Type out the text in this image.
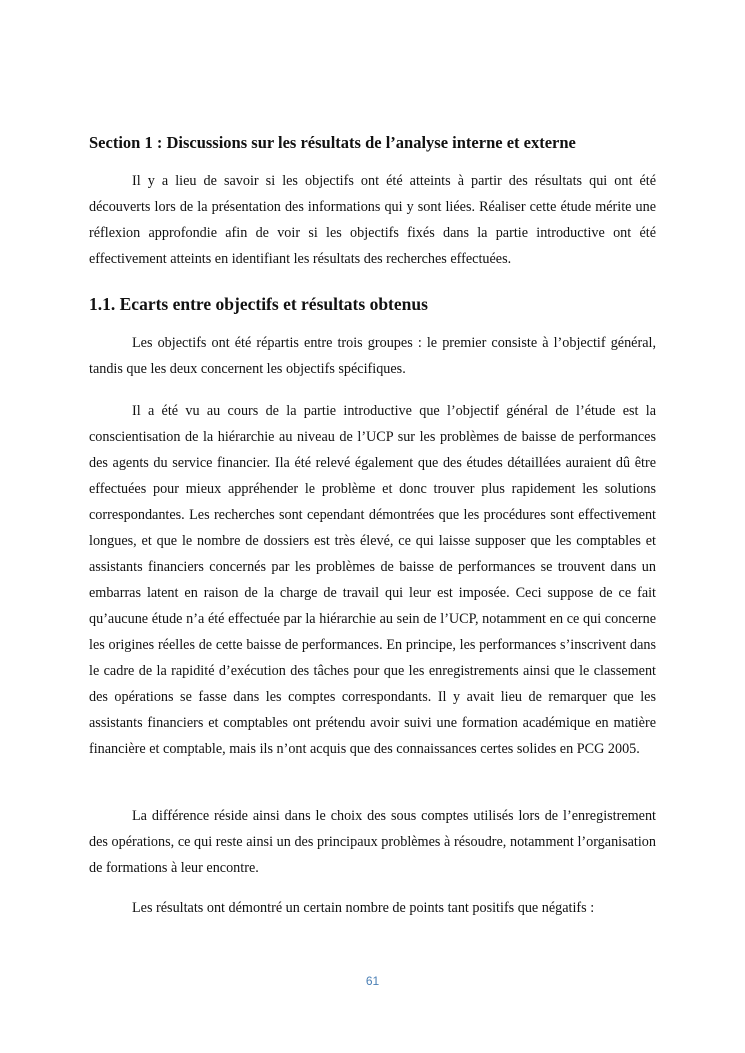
Section 1 : Discussions sur les résultats de l’analyse interne et externe

Il y a lieu de savoir si les objectifs ont été atteints à partir des résultats qui ont été découverts lors de la présentation des informations qui y sont liées. Réaliser cette étude mérite une réflexion approfondie afin de voir si les objectifs fixés dans la partie introductive ont été effectivement atteints en identifiant les résultats des recherches effectuées.

1.1. Ecarts entre objectifs et résultats obtenus

Les objectifs ont été répartis entre trois groupes : le premier consiste à l’objectif général, tandis que les deux concernent les objectifs spécifiques.

Il a été vu au cours de la partie introductive que l’objectif général de l’étude est la conscientisation de la hiérarchie au niveau de l’UCP sur les problèmes de baisse de performances des agents du service financier. Ila été relevé également que des études détaillées auraient dû être effectuées pour mieux appréhender le problème et donc trouver plus rapidement les solutions correspondantes. Les recherches sont cependant démontrées que les procédures sont effectivement longues, et que le nombre de dossiers est très élevé, ce qui laisse supposer que les comptables et assistants financiers concernés par les problèmes de baisse de performances se trouvent dans un embarras latent en raison de la charge de travail qui leur est imposée. Ceci suppose de ce fait qu’aucune étude n’a été effectuée par la hiérarchie au sein de l’UCP, notamment en ce qui concerne les origines réelles de cette baisse de performances. En principe, les performances s’inscrivent dans le cadre de la rapidité d’exécution des tâches pour que les enregistrements ainsi que le classement des opérations se fasse dans les comptes correspondants. Il y avait lieu de remarquer que les assistants financiers et comptables ont prétendu avoir suivi une formation académique en matière financière et comptable, mais ils n’ont acquis que des connaissances certes solides en PCG 2005.

La différence réside ainsi dans le choix des sous comptes utilisés lors de l’enregistrement des opérations, ce qui reste ainsi un des principaux problèmes à résoudre, notamment l’organisation de formations à leur encontre.

Les résultats ont démontré un certain nombre de points tant positifs que négatifs :

61
